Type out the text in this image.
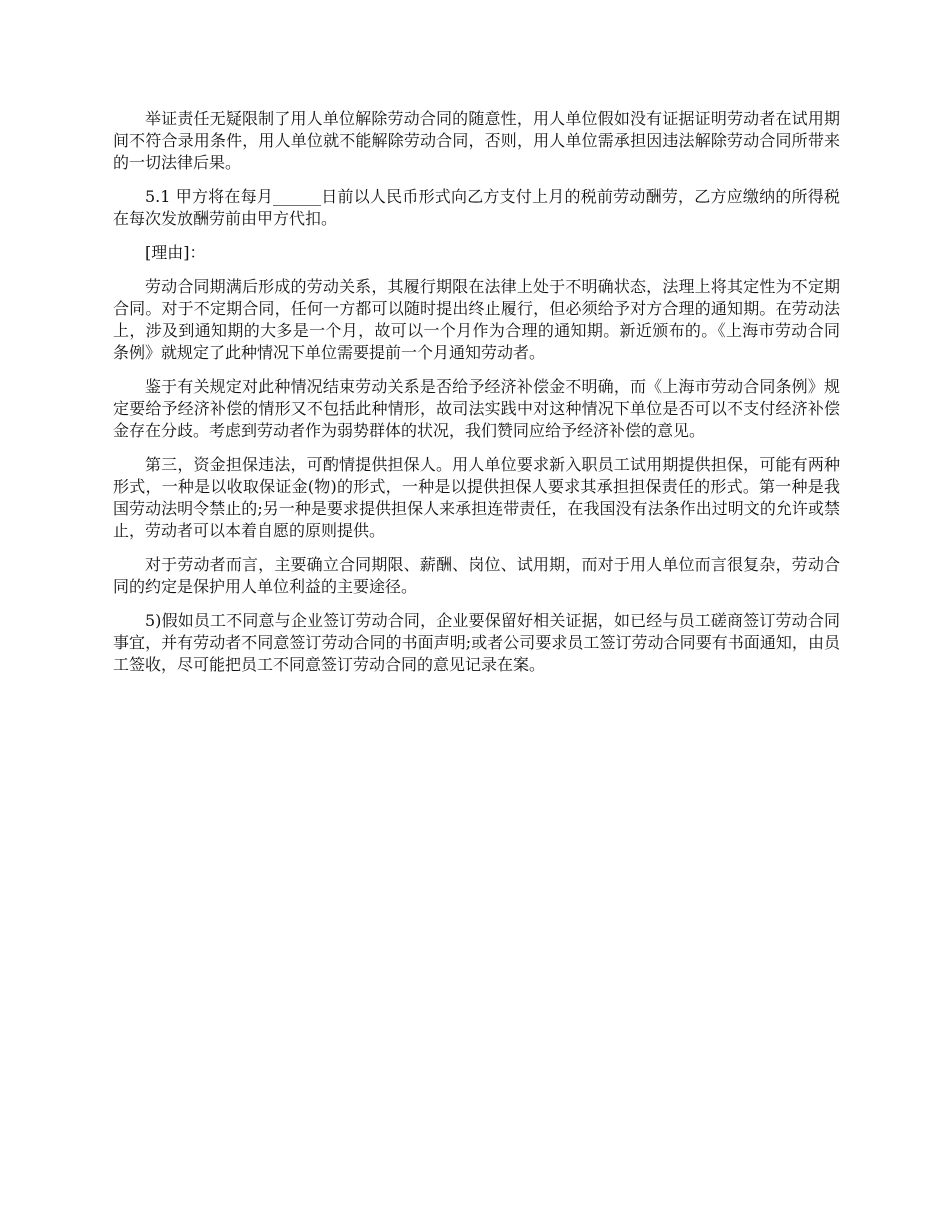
举证责任无疑限制了用人单位解除劳动合同的随意性，用人单位假如没有证据证明劳动者在试用期间不符合录用条件，用人单位就不能解除劳动合同，否则，用人单位需承担因违法解除劳动合同所带来的一切法律后果。

5.1 甲方将在每月______日前以人民币形式向乙方支付上月的税前劳动酬劳，乙方应缴纳的所得税在每次发放酬劳前由甲方代扣。

[理由]：

劳动合同期满后形成的劳动关系，其履行期限在法律上处于不明确状态，法理上将其定性为不定期合同。对于不定期合同，任何一方都可以随时提出终止履行，但必须给予对方合理的通知期。在劳动法上，涉及到通知期的大多是一个月，故可以一个月作为合理的通知期。新近颁布的。《上海市劳动合同条例》就规定了此种情况下单位需要提前一个月通知劳动者。

鉴于有关规定对此种情况结束劳动关系是否给予经济补偿金不明确，而《上海市劳动合同条例》规定要给予经济补偿的情形又不包括此种情形，故司法实践中对这种情况下单位是否可以不支付经济补偿金存在分歧。考虑到劳动者作为弱势群体的状况，我们赞同应给予经济补偿的意见。

第三，资金担保违法，可酌情提供担保人。用人单位要求新入职员工试用期提供担保，可能有两种形式，一种是以收取保证金(物)的形式，一种是以提供担保人要求其承担担保责任的形式。第一种是我国劳动法明令禁止的;另一种是要求提供担保人来承担连带责任，在我国没有法条作出过明文的允许或禁止，劳动者可以本着自愿的原则提供。

对于劳动者而言，主要确立合同期限、薪酬、岗位、试用期，而对于用人单位而言很复杂，劳动合同的约定是保护用人单位利益的主要途径。

5)假如员工不同意与企业签订劳动合同，企业要保留好相关证据，如已经与员工磋商签订劳动合同事宜，并有劳动者不同意签订劳动合同的书面声明;或者公司要求员工签订劳动合同要有书面通知，由员工签收，尽可能把员工不同意签订劳动合同的意见记录在案。
